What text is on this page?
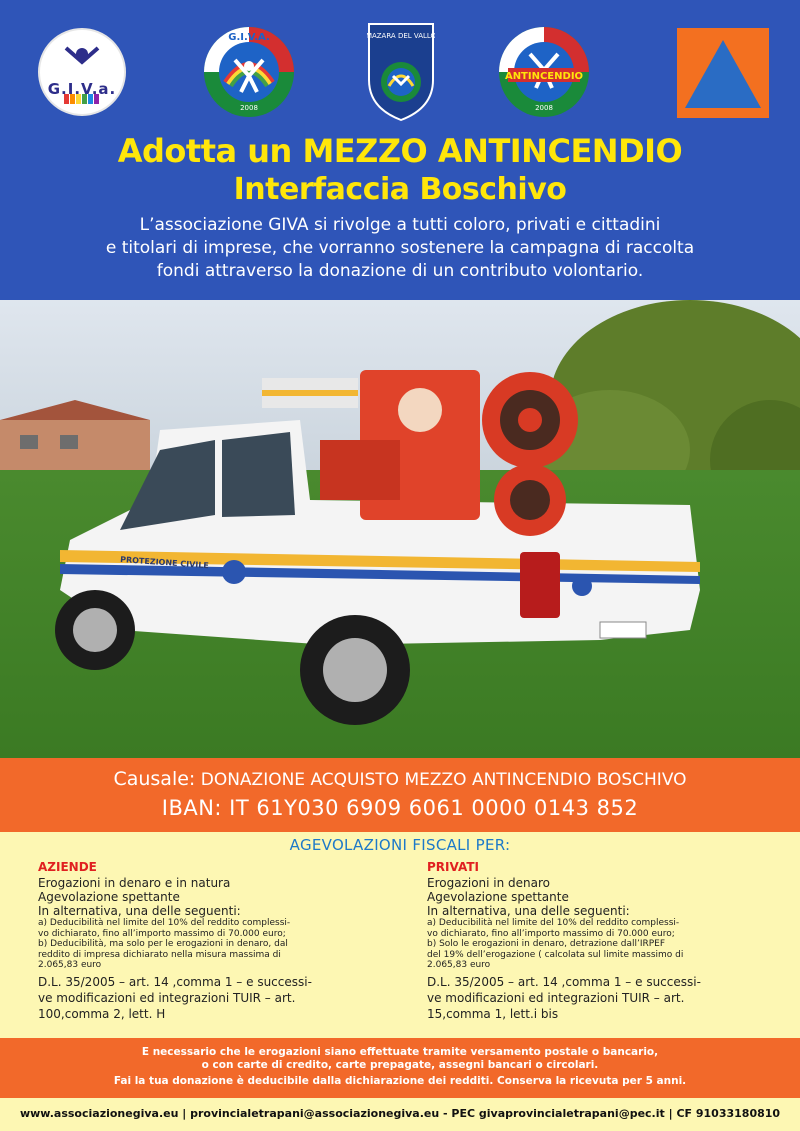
G.I.V.a.
G.I.V.A.
2008
MAZARA DEL VALLO
ANTINCENDIO
2008
Adotta un MEZZO ANTINCENDIO
Interfaccia Boschivo
L’associazione GIVA si rivolge a tutti coloro, privati e cittadini
e titolari di imprese, che vorranno sostenere la campagna di raccolta
fondi attraverso la donazione di un contributo volontario.
PROTEZIONE CIVILE
Causale: DONAZIONE ACQUISTO MEZZO ANTINCENDIO BOSCHIVO
IBAN: IT 61Y030 6909 6061 0000 0143 852
AGEVOLAZIONI FISCALI PER:
AZIENDE
Erogazioni in denaro e in natura
Agevolazione spettante
In alternativa, una delle seguenti:
a) Deducibilità nel limite del 10% del reddito complessi-
vo dichiarato, fino all’importo massimo di 70.000 euro;
b) Deducibilità, ma solo per le erogazioni in denaro, dal
reddito di impresa dichiarato nella misura massima di
2.065,83 euro
D.L. 35/2005 – art. 14 ,comma 1 – e successi-
ve modificazioni ed integrazioni TUIR – art.
100,comma 2, lett. H
PRIVATI
Erogazioni in denaro
Agevolazione spettante
In alternativa, una delle seguenti:
a) Deducibilità nel limite del 10% del reddito complessi-
vo dichiarato, fino all’importo massimo di 70.000 euro;
b) Solo le erogazioni in denaro, detrazione dall’IRPEF
del 19% dell’erogazione ( calcolata sul limite massimo di
2.065,83 euro
D.L. 35/2005 – art. 14 ,comma 1 – e successi-
ve modificazioni ed integrazioni TUIR – art.
15,comma 1, lett.i bis
E necessario che le erogazioni siano effettuate tramite versamento postale o bancario,
o con carte di credito, carte prepagate, assegni bancari o circolari.
Fai la tua donazione è deducibile dalla dichiarazione dei redditi. Conserva la ricevuta per 5 anni.
www.associazionegiva.eu | provincialetrapani@associazionegiva.eu - PEC givaprovincialetrapani@pec.it | CF 91033180810
